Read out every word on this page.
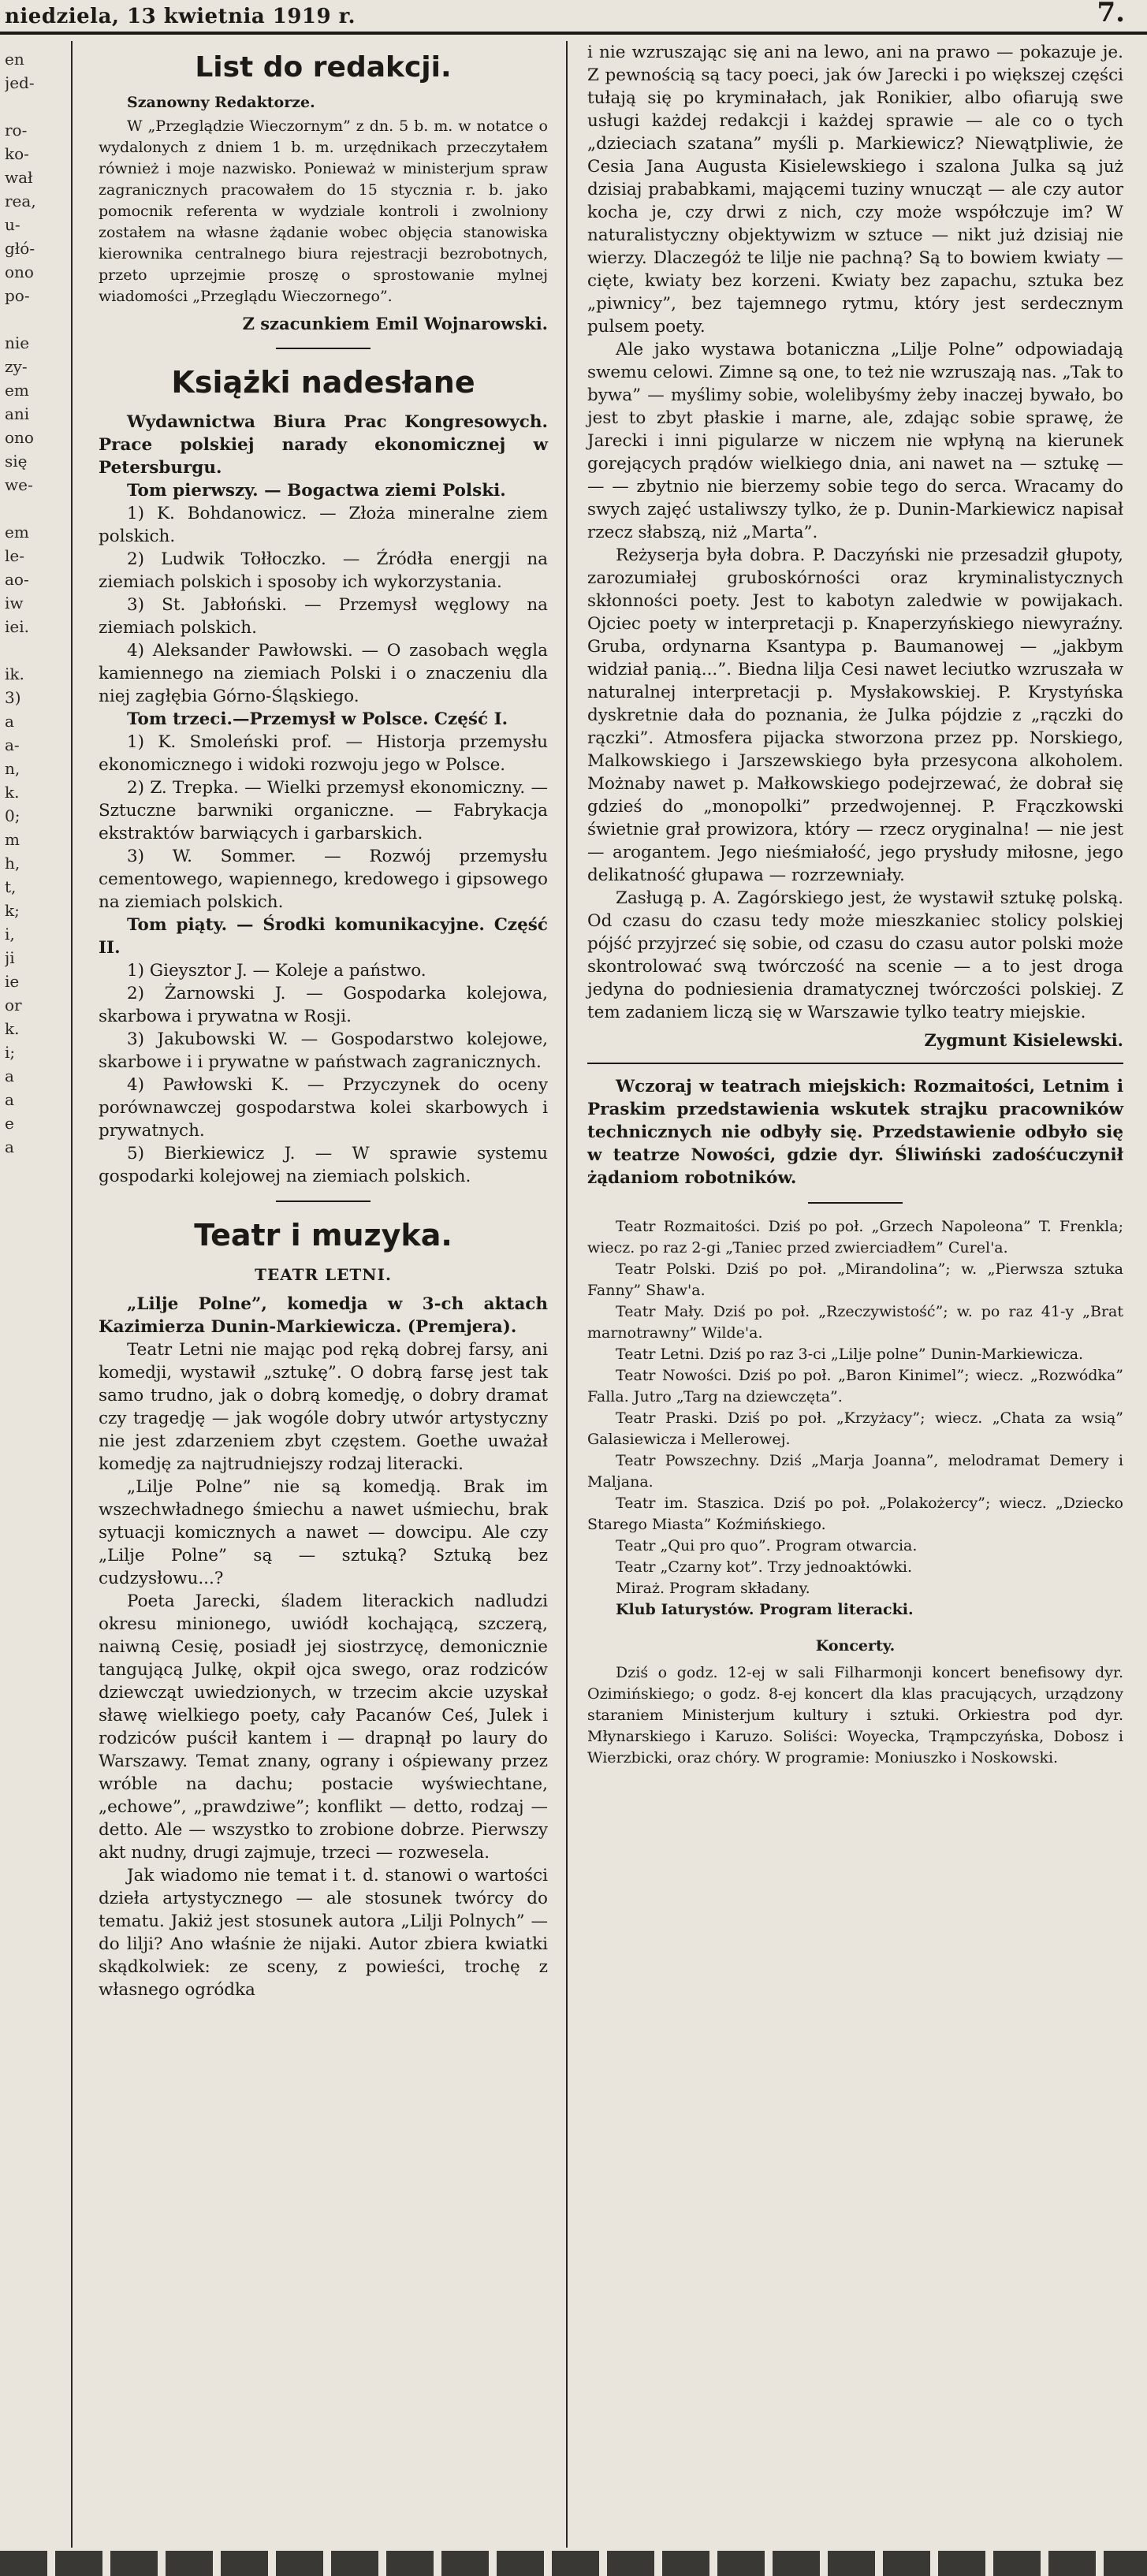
niedziela, 13 kwietnia 1919 r.	7.
en
jed-
ro-
ko-
wał
rea,
u-
głó-
ono
po-
nie
zy-
em
ani
ono
się
we-
em
le-
ao-
iw
iei.
ik.
3)
a
a-
n,
k.
0;
m
h,
t,
k;
i,
ji
ie
or
k.
i;
a
a
e
a
List do redakcji.

Szanowny Redaktorze.

W „Przeglądzie Wieczornym” z dn. 5 b. m. w notatce o wydalonych z dniem 1 b. m. urzędnikach przeczytałem również i moje nazwisko. Ponieważ w ministerjum spraw zagranicznych pracowałem do 15 stycznia r. b. jako pomocnik referenta w wydziale kontroli i zwolniony zostałem na własne żądanie wobec objęcia stanowiska kierownika centralnego biura rejestracji bezrobotnych, przeto uprzejmie proszę o sprostowanie mylnej wiadomości „Przeglądu Wieczornego”.

Z szacunkiem Emil Wojnarowski.

Książki nadesłane

Wydawnictwa Biura Prac Kongresowych. Prace polskiej narady ekonomicznej w Petersburgu.

Tom pierwszy. — Bogactwa ziemi Polski.

1) K. Bohdanowicz. — Złoża mineralne ziem polskich.

2) Ludwik Tołłoczko. — Źródła energji na ziemiach polskich i sposoby ich wykorzystania.

3) St. Jabłoński. — Przemysł węglowy na ziemiach polskich.

4) Aleksander Pawłowski. — O zasobach węgla kamiennego na ziemiach Polski i o znaczeniu dla niej zagłębia Górno-Śląskiego.

Tom trzeci.—Przemysł w Polsce. Część I.

1) K. Smoleński prof. — Historja przemysłu ekonomicznego i widoki rozwoju jego w Polsce.

2) Z. Trepka. — Wielki przemysł ekonomiczny. — Sztuczne barwniki organiczne. — Fabrykacja ekstraktów barwiących i garbarskich.

3) W. Sommer. — Rozwój przemysłu cementowego, wapiennego, kredowego i gipsowego na ziemiach polskich.

Tom piąty. — Środki komunikacyjne. Część II.

1) Gieysztor J. — Koleje a państwo.

2) Żarnowski J. — Gospodarka kolejowa, skarbowa i prywatna w Rosji.

3) Jakubowski W. — Gospodarstwo kolejowe, skarbowe i i prywatne w państwach zagranicznych.

4) Pawłowski K. — Przyczynek do oceny porównawczej gospodarstwa kolei skarbowych i prywatnych.

5) Bierkiewicz J. — W sprawie systemu gospodarki kolejowej na ziemiach polskich.

Teatr i muzyka.
TEATR LETNI.

„Lilje Polne”, komedja w 3-ch aktach Kazimierza Dunin-Markiewicza. (Premjera).

Teatr Letni nie mając pod ręką dobrej farsy, ani komedji, wystawił „sztukę”. O dobrą farsę jest tak samo trudno, jak o dobrą komedję, o dobry dramat czy tragedję — jak wogóle dobry utwór artystyczny nie jest zdarzeniem zbyt częstem. Goethe uważał komedję za najtrudniejszy rodzaj literacki.

„Lilje Polne” nie są komedją. Brak im wszechwładnego śmiechu a nawet uśmiechu, brak sytuacji komicznych a nawet — dowcipu. Ale czy „Lilje Polne” są — sztuką? Sztuką bez cudzysłowu...?

Poeta Jarecki, śladem literackich nadludzi okresu minionego, uwiódł kochającą, szczerą, naiwną Cesię, posiadł jej siostrzycę, demonicznie tangującą Julkę, okpił ojca swego, oraz rodziców dziewcząt uwiedzionych, w trzecim akcie uzyskał sławę wielkiego poety, cały Pacanów Ceś, Julek i rodziców puścił kantem i — drapnął po laury do Warszawy. Temat znany, ograny i ośpiewany przez wróble na dachu; postacie wyświechtane, „echowe”, „prawdziwe”; konflikt — detto, rodzaj — detto. Ale — wszystko to zrobione dobrze. Pierwszy akt nudny, drugi zajmuje, trzeci — rozwesela.

Jak wiadomo nie temat i t. d. stanowi o wartości dzieła artystycznego — ale stosunek twórcy do tematu. Jakiż jest stosunek autora „Lilji Polnych” — do lilji? Ano właśnie że nijaki. Autor zbiera kwiatki skądkolwiek: ze sceny, z powieści, trochę z własnego ogródka

i nie wzruszając się ani na lewo, ani na prawo — pokazuje je. Z pewnością są tacy poeci, jak ów Jarecki i po większej części tułają się po kryminałach, jak Ronikier, albo ofiarują swe usługi każdej redakcji i każdej sprawie — ale co o tych „dzieciach szatana” myśli p. Markiewicz? Niewątpliwie, że Cesia Jana Augusta Kisielewskiego i szalona Julka są już dzisiaj prababkami, mającemi tuziny wnucząt — ale czy autor kocha je, czy drwi z nich, czy może współczuje im? W naturalistyczny objektywizm w sztuce — nikt już dzisiaj nie wierzy. Dlaczegóż te lilje nie pachną? Są to bowiem kwiaty — cięte, kwiaty bez korzeni. Kwiaty bez zapachu, sztuka bez „piwnicy”, bez tajemnego rytmu, który jest serdecznym pulsem poety.

Ale jako wystawa botaniczna „Lilje Polne” odpowiadają swemu celowi. Zimne są one, to też nie wzruszają nas. „Tak to bywa” — myślimy sobie, wolelibyśmy żeby inaczej bywało, bo jest to zbyt płaskie i marne, ale, zdając sobie sprawę, że Jarecki i inni pigularze w niczem nie wpłyną na kierunek gorejących prądów wielkiego dnia, ani nawet na — sztukę — — — zbytnio nie bierzemy sobie tego do serca. Wracamy do swych zajęć ustaliwszy tylko, że p. Dunin-Markiewicz napisał rzecz słabszą, niż „Marta”.

Reżyserja była dobra. P. Daczyński nie przesadził głupoty, zarozumiałej gruboskórności oraz kryminalistycznych skłonności poety. Jest to kabotyn zaledwie w powijakach. Ojciec poety w interpretacji p. Knaperzyńskiego niewyraźny. Gruba, ordynarna Ksantypa p. Baumanowej — „jakbym widział panią...”. Biedna lilja Cesi nawet leciutko wzruszała w naturalnej interpretacji p. Mysłakowskiej. P. Krystyńska dyskretnie dała do poznania, że Julka pójdzie z „rączki do rączki”. Atmosfera pijacka stworzona przez pp. Norskiego, Malkowskiego i Jarszewskiego była przesycona alkoholem. Możnaby nawet p. Małkowskiego podejrzewać, że dobrał się gdzieś do „monopolki” przedwojennej. P. Frączkowski świetnie grał prowizora, który — rzecz oryginalna! — nie jest — arogantem. Jego nieśmiałość, jego prysłudy miłosne, jego delikatność głupawa — rozrzewniały.

Zasługą p. A. Zagórskiego jest, że wystawił sztukę polską. Od czasu do czasu tedy może mieszkaniec stolicy polskiej pójść przyjrzeć się sobie, od czasu do czasu autor polski może skontrolować swą twórczość na scenie — a to jest droga jedyna do podniesienia dramatycznej twórczości polskiej. Z tem zadaniem liczą się w Warszawie tylko teatry miejskie.

Zygmunt Kisielewski.

Wczoraj w teatrach miejskich: Rozmaitości, Letnim i Praskim przedstawienia wskutek strajku pracowników technicznych nie odbyły się. Przedstawienie odbyło się w teatrze Nowości, gdzie dyr. Śliwiński zadośćuczynił żądaniom robotników.

Teatr Rozmaitości. Dziś po poł. „Grzech Napoleona” T. Frenkla; wiecz. po raz 2-gi „Taniec przed zwierciadłem” Curel'a.

Teatr Polski. Dziś po poł. „Mirandolina”; w. „Pierwsza sztuka Fanny” Shaw'a.

Teatr Mały. Dziś po poł. „Rzeczywistość”; w. po raz 41-y „Brat marnotrawny” Wilde'a.

Teatr Letni. Dziś po raz 3-ci „Lilje polne” Dunin-Markiewicza.

Teatr Nowości. Dziś po poł. „Baron Kinimel”; wiecz. „Rozwódka” Falla. Jutro „Targ na dziewczęta”.

Teatr Praski. Dziś po poł. „Krzyżacy”; wiecz. „Chata za wsią” Galasiewicza i Mellerowej.

Teatr Powszechny. Dziś „Marja Joanna”, melodramat Demery i Maljana.

Teatr im. Staszica. Dziś po poł. „Polakożercy”; wiecz. „Dziecko Starego Miasta” Koźmińskiego.

Teatr „Qui pro quo”. Program otwarcia.

Teatr „Czarny kot”. Trzy jednoaktówki.

Miraż. Program składany.

Klub Iaturystów. Program literacki.

Koncerty.

Dziś o godz. 12-ej w sali Filharmonji koncert benefisowy dyr. Ozimińskiego; o godz. 8-ej koncert dla klas pracujących, urządzony staraniem Ministerjum kultury i sztuki. Orkiestra pod dyr. Młynarskiego i Karuzo. Soliści: Woyecka, Trąmpczyńska, Dobosz i Wierzbicki, oraz chóry. W programie: Moniuszko i Noskowski.
